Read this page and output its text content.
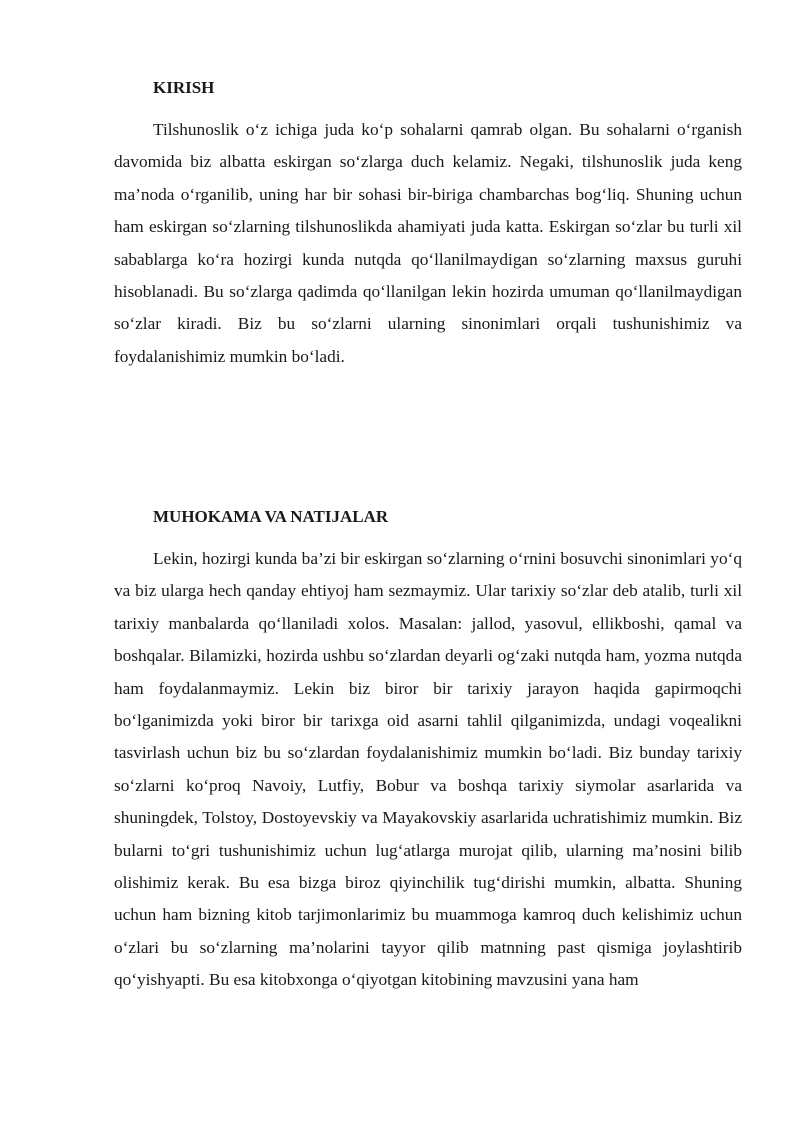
KIRISH

Tilshunoslik o‘z ichiga juda ko‘p sohalarni qamrab olgan. Bu sohalarni o‘rganish davomida biz albatta eskirgan so‘zlarga duch kelamiz. Negaki, tilshunoslik juda keng ma’noda o‘rganilib, uning har bir sohasi bir-biriga chambarchas bog‘liq. Shuning uchun ham eskirgan so‘zlarning tilshunoslikda ahamiyati juda katta. Eskirgan so‘zlar bu turli xil sabablarga ko‘ra hozirgi kunda nutqda qo‘llanilmaydigan so‘zlarning maxsus guruhi hisoblanadi. Bu so‘zlarga qadimda qo‘llanilgan lekin hozirda umuman qo‘llanilmaydigan so‘zlar kiradi. Biz bu so‘zlarni ularning sinonimlari orqali tushunishimiz va foydalanishimiz mumkin bo‘ladi.

MUHOKAMA VA NATIJALAR

Lekin, hozirgi kunda ba’zi bir eskirgan so‘zlarning o‘rnini bosuvchi sinonimlari yo‘q va biz ularga hech qanday ehtiyoj ham sezmaymiz. Ular tarixiy so‘zlar deb atalib, turli xil tarixiy manbalarda qo‘llaniladi xolos. Masalan: jallod, yasovul, ellikboshi, qamal va boshqalar. Bilamizki, hozirda ushbu so‘zlardan deyarli og‘zaki nutqda ham, yozma nutqda ham foydalanmaymiz. Lekin biz biror bir tarixiy jarayon haqida gapirmoqchi bo‘lganimizda yoki biror bir tarixga oid asarni tahlil qilganimizda, undagi voqealikni tasvirlash uchun biz bu so‘zlardan foydalanishimiz mumkin bo‘ladi. Biz bunday tarixiy so‘zlarni ko‘proq Navoiy, Lutfiy, Bobur va boshqa tarixiy siymolar asarlarida va shuningdek, Tolstoy, Dostoyevskiy va Mayakovskiy asarlarida uchratishimiz mumkin. Biz bularni to‘gri tushunishimiz uchun lug‘atlarga murojat qilib, ularning ma’nosini bilib olishimiz kerak. Bu esa bizga biroz qiyinchilik tug‘dirishi mumkin, albatta. Shuning uchun ham bizning kitob tarjimonlarimiz bu muammoga kamroq duch kelishimiz uchun o‘zlari bu so‘zlarning ma’nolarini tayyor qilib matnning past qismiga joylashtirib qo‘yishyapti. Bu esa kitobxonga o‘qiyotgan kitobining mavzusini yana ham
